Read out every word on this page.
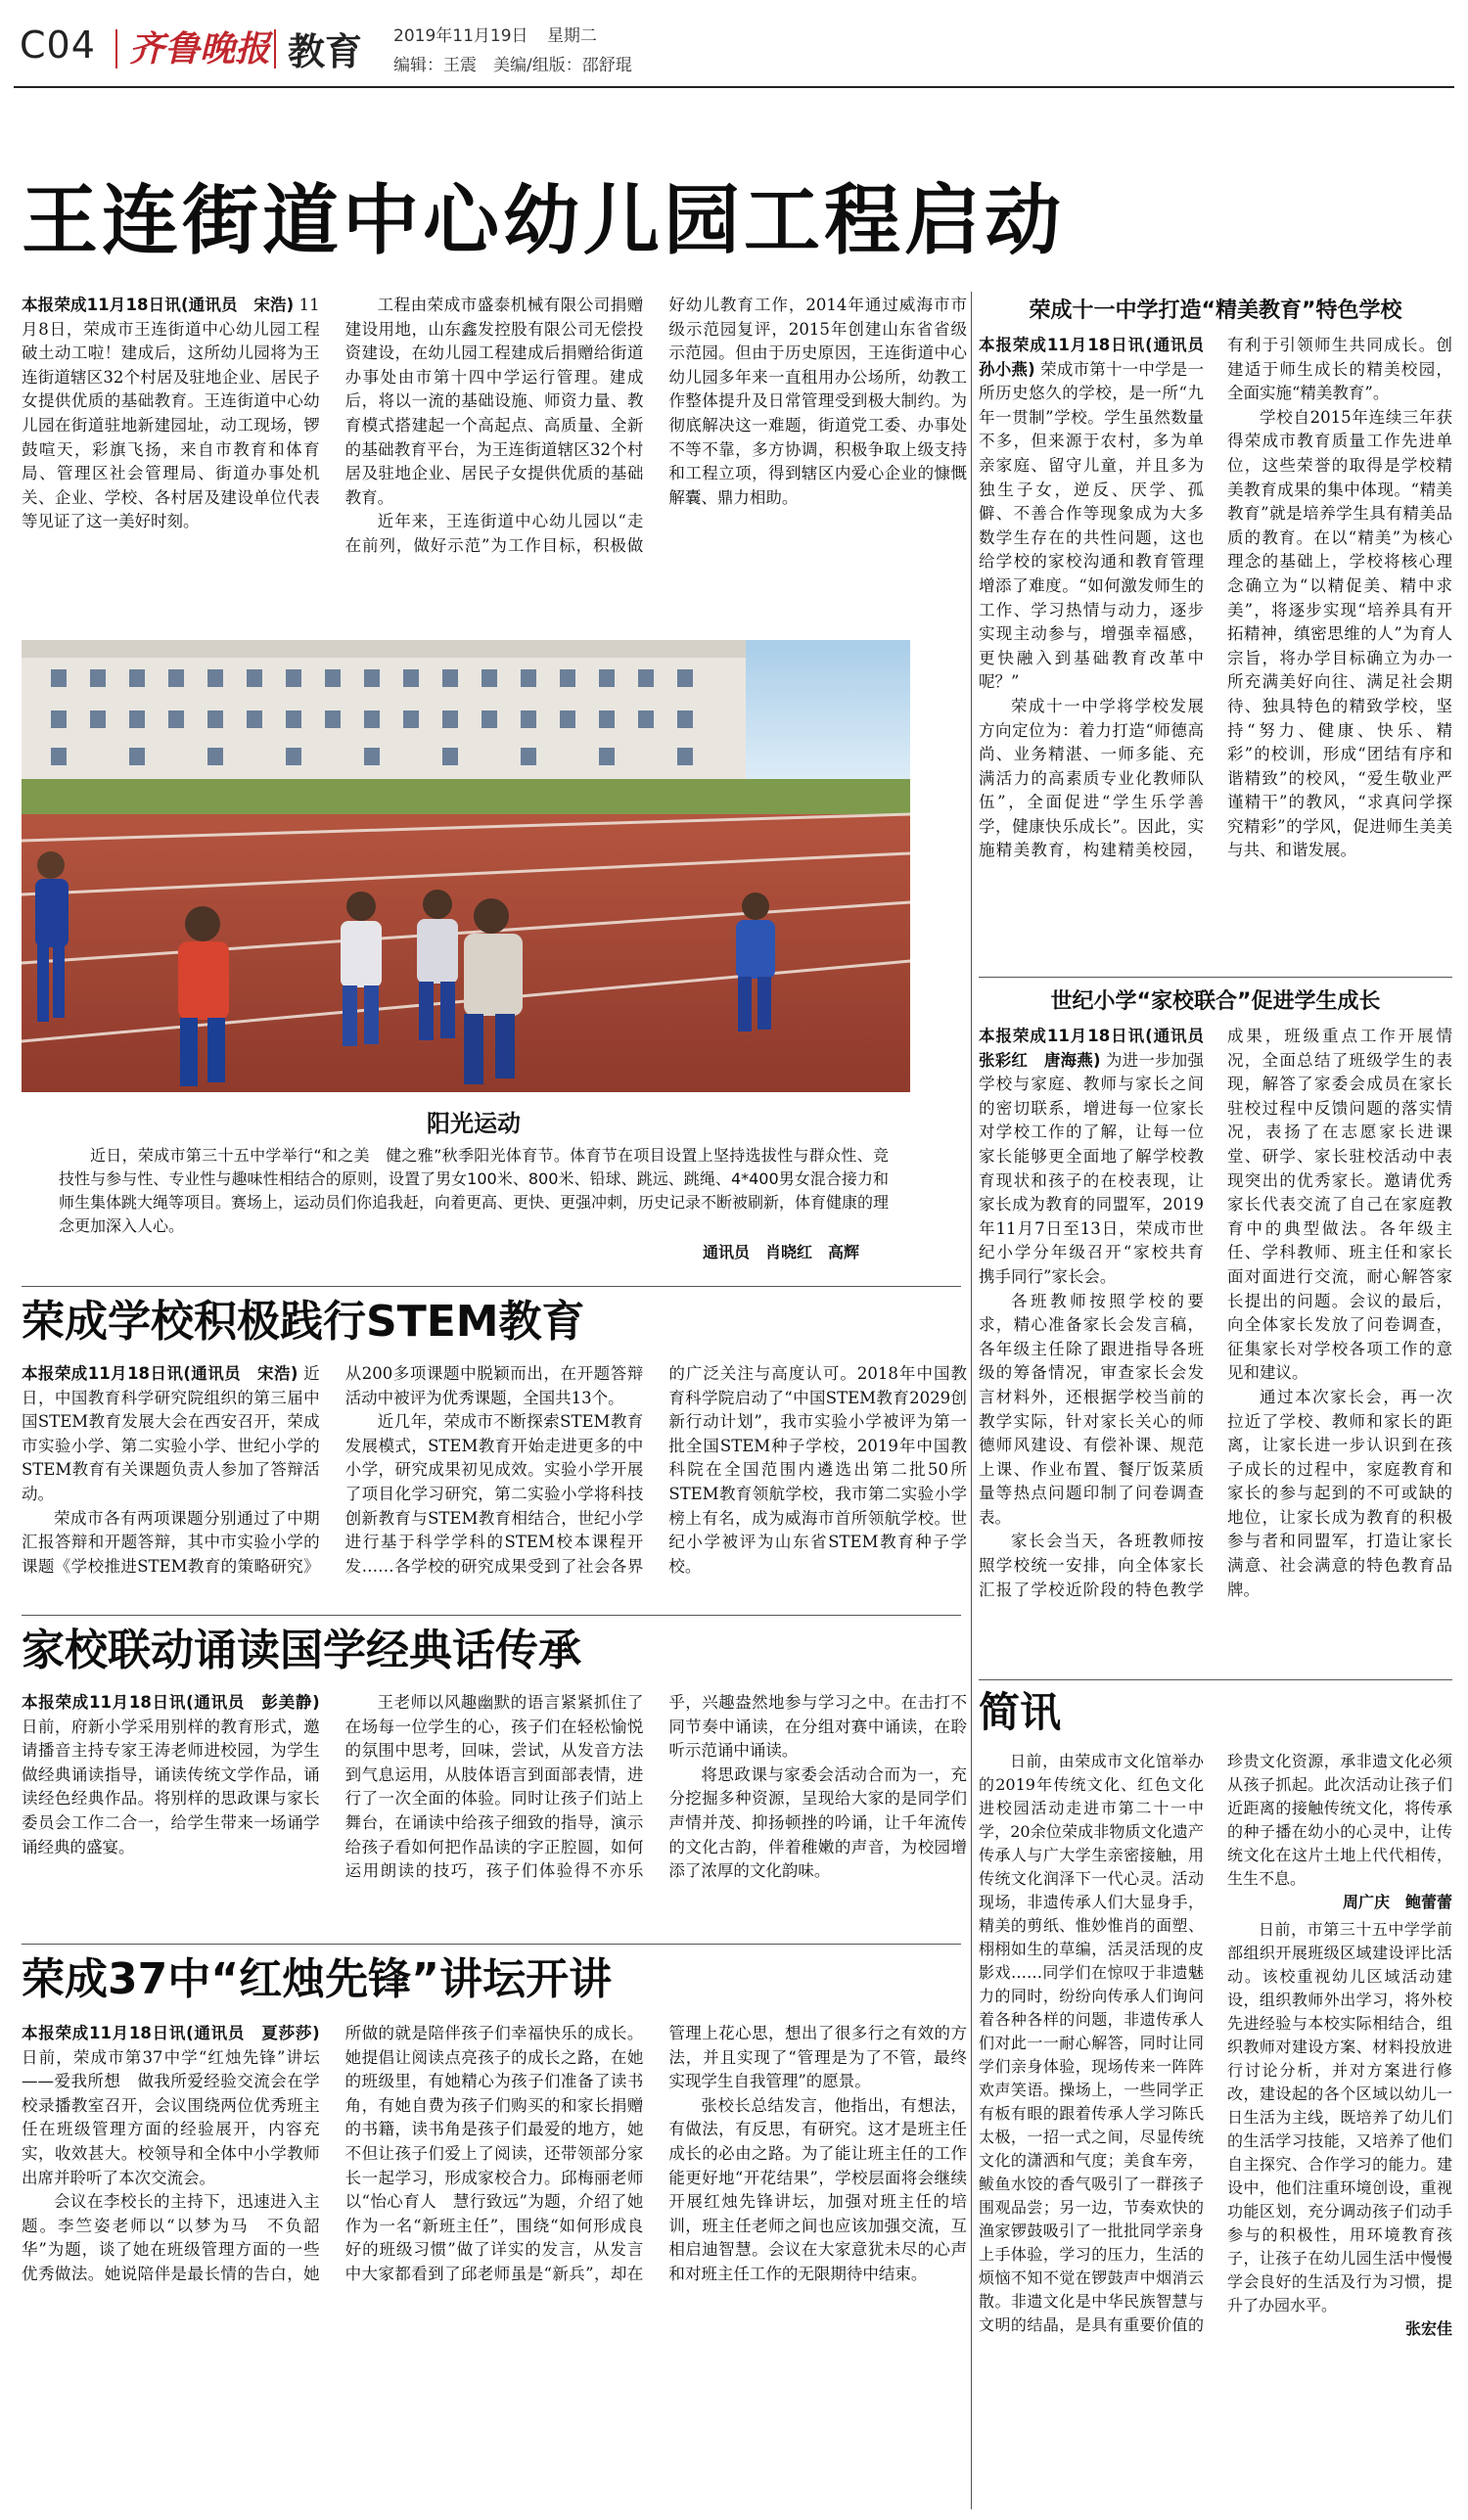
C04 齐鲁晚报 教育 2019年11月19日 星期二
编辑：王震　美编/组版：邵舒琨
王连街道中心幼儿园工程启动

本报荣成11月18日讯(通讯员　宋浩) 11月8日，荣成市王连街道中心幼儿园工程破土动工啦！建成后，这所幼儿园将为王连街道辖区32个村居及驻地企业、居民子女提供优质的基础教育。王连街道中心幼儿园在街道驻地新建园址，动工现场，锣鼓喧天，彩旗飞扬，来自市教育和体育局、管理区社会管理局、街道办事处机关、企业、学校、各村居及建设单位代表等见证了这一美好时刻。

工程由荣成市盛泰机械有限公司捐赠建设用地，山东鑫发控股有限公司无偿投资建设，在幼儿园工程建成后捐赠给街道办事处由市第十四中学运行管理。建成后，将以一流的基础设施、师资力量、教育模式搭建起一个高起点、高质量、全新的基础教育平台，为王连街道辖区32个村居及驻地企业、居民子女提供优质的基础教育。

近年来，王连街道中心幼儿园以“走在前列，做好示范”为工作目标，积极做好幼儿教育工作，2014年通过威海市市级示范园复评，2015年创建山东省省级示范园。但由于历史原因，王连街道中心幼儿园多年来一直租用办公场所，幼教工作整体提升及日常管理受到极大制约。为彻底解决这一难题，街道党工委、办事处不等不靠，多方协调，积极争取上级支持和工程立项，得到辖区内爱心企业的慷慨解囊、鼎力相助。

阳光运动

近日，荣成市第三十五中学举行“和之美　健之雅”秋季阳光体育节。体育节在项目设置上坚持选拔性与群众性、竞技性与参与性、专业性与趣味性相结合的原则，设置了男女100米、800米、铅球、跳远、跳绳、4*400男女混合接力和师生集体跳大绳等项目。赛场上，运动员们你追我赶，向着更高、更快、更强冲刺，历史记录不断被刷新，体育健康的理念更加深入人心。

通讯员　肖晓红　高辉
荣成十一中学打造“精美教育”特色学校

本报荣成11月18日讯(通讯员　孙小燕) 荣成市第十一中学是一所历史悠久的学校，是一所“九年一贯制”学校。学生虽然数量不多，但来源于农村，多为单亲家庭、留守儿童，并且多为独生子女，逆反、厌学、孤僻、不善合作等现象成为大多数学生存在的共性问题，这也给学校的家校沟通和教育管理增添了难度。“如何激发师生的工作、学习热情与动力，逐步实现主动参与，增强幸福感，更快融入到基础教育改革中呢？”

荣成十一中学将学校发展方向定位为：着力打造“师德高尚、业务精湛、一师多能、充满活力的高素质专业化教师队伍”，全面促进“学生乐学善学，健康快乐成长”。因此，实施精美教育，构建精美校园，有利于引领师生共同成长。创建适于师生成长的精美校园，全面实施“精美教育”。

学校自2015年连续三年获得荣成市教育质量工作先进单位，这些荣誉的取得是学校精美教育成果的集中体现。“精美教育”就是培养学生具有精美品质的教育。在以“精美”为核心理念的基础上，学校将核心理念确立为“以精促美、精中求美”，将逐步实现“培养具有开拓精神，缜密思维的人”为育人宗旨，将办学目标确立为办一所充满美好向往、满足社会期待、独具特色的精致学校，坚持“努力、健康、快乐、精彩”的校训，形成“团结有序和谐精致”的校风，“爱生敬业严谨精干”的教风，“求真问学探究精彩”的学风，促进师生美美与共、和谐发展。

世纪小学“家校联合”促进学生成长

本报荣成11月18日讯(通讯员　张彩红　唐海燕) 为进一步加强学校与家庭、教师与家长之间的密切联系，增进每一位家长对学校工作的了解，让每一位家长能够更全面地了解学校教育现状和孩子的在校表现，让家长成为教育的同盟军，2019年11月7日至13日，荣成市世纪小学分年级召开“家校共育　携手同行”家长会。

各班教师按照学校的要求，精心准备家长会发言稿，各年级主任除了跟进指导各班级的筹备情况，审查家长会发言材料外，还根据学校当前的教学实际，针对家长关心的师德师风建设、有偿补课、规范上课、作业布置、餐厅饭菜质量等热点问题印制了问卷调查表。

家长会当天，各班教师按照学校统一安排，向全体家长汇报了学校近阶段的特色教学成果，班级重点工作开展情况，全面总结了班级学生的表现，解答了家委会成员在家长驻校过程中反馈问题的落实情况，表扬了在志愿家长进课堂、研学、家长驻校活动中表现突出的优秀家长。邀请优秀家长代表交流了自己在家庭教育中的典型做法。各年级主任、学科教师、班主任和家长面对面进行交流，耐心解答家长提出的问题。会议的最后，向全体家长发放了问卷调查，征集家长对学校各项工作的意见和建议。

通过本次家长会，再一次拉近了学校、教师和家长的距离，让家长进一步认识到在孩子成长的过程中，家庭教育和家长的参与起到的不可或缺的地位，让家长成为教育的积极参与者和同盟军，打造让家长满意、社会满意的特色教育品牌。

荣成学校积极践行STEM教育

本报荣成11月18日讯(通讯员　宋浩) 近日，中国教育科学研究院组织的第三届中国STEM教育发展大会在西安召开，荣成市实验小学、第二实验小学、世纪小学的STEM教育有关课题负责人参加了答辩活动。

荣成市各有两项课题分别通过了中期汇报答辩和开题答辩，其中市实验小学的课题《学校推进STEM教育的策略研究》从200多项课题中脱颖而出，在开题答辩活动中被评为优秀课题，全国共13个。

近几年，荣成市不断探索STEM教育发展模式，STEM教育开始走进更多的中小学，研究成果初见成效。实验小学开展了项目化学习研究，第二实验小学将科技创新教育与STEM教育相结合，世纪小学进行基于科学学科的STEM校本课程开发……各学校的研究成果受到了社会各界的广泛关注与高度认可。2018年中国教育科学院启动了“中国STEM教育2029创新行动计划”，我市实验小学被评为第一批全国STEM种子学校，2019年中国教科院在全国范围内遴选出第二批50所STEM教育领航学校，我市第二实验小学榜上有名，成为威海市首所领航学校。世纪小学被评为山东省STEM教育种子学校。

家校联动诵读国学经典话传承

本报荣成11月18日讯(通讯员　彭美静) 日前，府新小学采用别样的教育形式，邀请播音主持专家王涛老师进校园，为学生做经典诵读指导，诵读传统文学作品，诵读经色经典作品。将别样的思政课与家长委员会工作二合一，给学生带来一场诵学诵经典的盛宴。

王老师以风趣幽默的语言紧紧抓住了在场每一位学生的心，孩子们在轻松愉悦的氛围中思考，回味，尝试，从发音方法到气息运用，从肢体语言到面部表情，进行了一次全面的体验。同时让孩子们站上舞台，在诵读中给孩子细致的指导，演示给孩子看如何把作品读的字正腔圆，如何运用朗读的技巧，孩子们体验得不亦乐乎，兴趣盎然地参与学习之中。在击打不同节奏中诵读，在分组对赛中诵读，在聆听示范诵中诵读。

将思政课与家委会活动合而为一，充分挖掘多种资源，呈现给大家的是同学们声情并茂、抑扬顿挫的吟诵，让千年流传的文化古韵，伴着稚嫩的声音，为校园增添了浓厚的文化韵味。

荣成37中“红烛先锋”讲坛开讲

本报荣成11月18日讯(通讯员　夏莎莎) 日前，荣成市第37中学“红烛先锋”讲坛——爱我所想　做我所爱经验交流会在学校录播教室召开，会议围绕两位优秀班主任在班级管理方面的经验展开，内容充实，收效甚大。校领导和全体中小学教师出席并聆听了本次交流会。

会议在李校长的主持下，迅速进入主题。李竺姿老师以“以梦为马　不负韶华”为题，谈了她在班级管理方面的一些优秀做法。她说陪伴是最长情的告白，她所做的就是陪伴孩子们幸福快乐的成长。她提倡让阅读点亮孩子的成长之路，在她的班级里，有她精心为孩子们准备了读书角，有她自费为孩子们购买的和家长捐赠的书籍，读书角是孩子们最爱的地方，她不但让孩子们爱上了阅读，还带领部分家长一起学习，形成家校合力。邱梅丽老师以“怡心育人　慧行致远”为题，介绍了她作为一名“新班主任”，围绕“如何形成良好的班级习惯”做了详实的发言，从发言中大家都看到了邱老师虽是“新兵”，却在管理上花心思，想出了很多行之有效的方法，并且实现了“管理是为了不管，最终实现学生自我管理”的愿景。

张校长总结发言，他指出，有想法，有做法，有反思，有研究。这才是班主任成长的必由之路。为了能让班主任的工作能更好地“开花结果”，学校层面将会继续开展红烛先锋讲坛，加强对班主任的培训，班主任老师之间也应该加强交流，互相启迪智慧。会议在大家意犹未尽的心声和对班主任工作的无限期待中结束。

简讯

日前，由荣成市文化馆举办的2019年传统文化、红色文化进校园活动走进市第二十一中学，20余位荣成非物质文化遗产传承人与广大学生亲密接触，用传统文化润泽下一代心灵。活动现场，非遗传承人们大显身手，精美的剪纸、惟妙惟肖的面塑、栩栩如生的草编，活灵活现的皮影戏……同学们在惊叹于非遗魅力的同时，纷纷向传承人们询问着各种各样的问题，非遗传承人们对此一一耐心解答，同时让同学们亲身体验，现场传来一阵阵欢声笑语。操场上，一些同学正有板有眼的跟着传承人学习陈氏太极，一招一式之间，尽显传统文化的潇洒和气度；美食车旁，鲅鱼水饺的香气吸引了一群孩子围观品尝；另一边，节奏欢快的渔家锣鼓吸引了一批批同学亲身上手体验，学习的压力，生活的烦恼不知不觉在锣鼓声中烟消云散。非遗文化是中华民族智慧与文明的结晶，是具有重要价值的珍贵文化资源，承非遗文化必须从孩子抓起。此次活动让孩子们近距离的接触传统文化，将传承的种子播在幼小的心灵中，让传统文化在这片土地上代代相传，生生不息。

周广庆　鲍蕾蕾

日前，市第三十五中学学前部组织开展班级区域建设评比活动。该校重视幼儿区域活动建设，组织教师外出学习，将外校先进经验与本校实际相结合，组织教师对建设方案、材料投放进行讨论分析，并对方案进行修改，建设起的各个区域以幼儿一日生活为主线，既培养了幼儿们的生活学习技能，又培养了他们自主探究、合作学习的能力。建设中，他们注重环境创设，重视功能区划，充分调动孩子们动手参与的积极性，用环境教育孩子，让孩子在幼儿园生活中慢慢学会良好的生活及行为习惯，提升了办园水平。

张宏佳
